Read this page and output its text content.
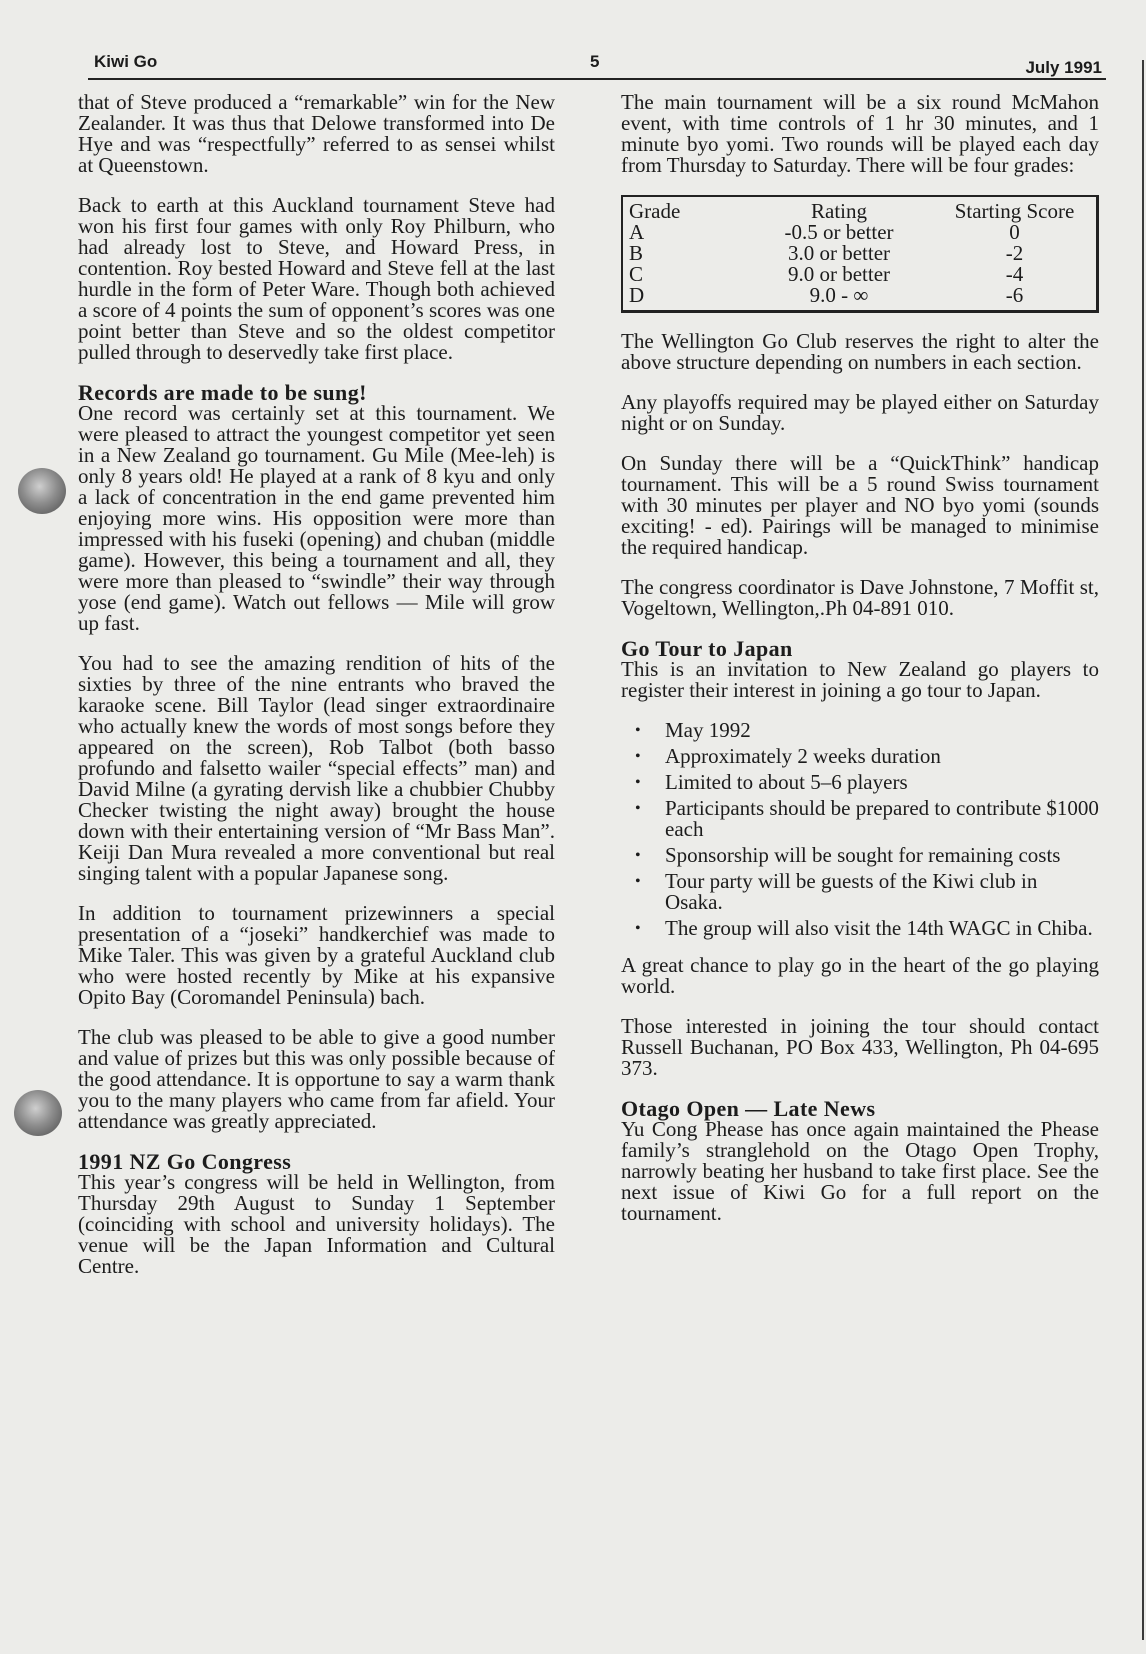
Kiwi Go	5	July 1991

that of Steve produced a “remarkable” win for the New Zealander. It was thus that Delowe transformed into De Hye and was “respectfully” referred to as sensei whilst at Queenstown.

Back to earth at this Auckland tournament Steve had won his first four games with only Roy Philburn, who had already lost to Steve, and Howard Press, in contention. Roy bested Howard and Steve fell at the last hurdle in the form of Peter Ware. Though both achieved a score of 4 points the sum of opponent’s scores was one point better than Steve and so the oldest competitor pulled through to deservedly take first place.

Records are made to be sung!

One record was certainly set at this tournament. We were pleased to attract the youngest competitor yet seen in a New Zealand go tournament. Gu Mile (Mee-leh) is only 8 years old! He played at a rank of 8 kyu and only a lack of concentration in the end game prevented him enjoying more wins. His opposition were more than impressed with his fuseki (opening) and chuban (middle game). However, this being a tournament and all, they were more than pleased to “swindle” their way through yose (end game). Watch out fellows — Mile will grow up fast.

You had to see the amazing rendition of hits of the sixties by three of the nine entrants who braved the karaoke scene. Bill Taylor (lead singer extraordinaire who actually knew the words of most songs before they appeared on the screen), Rob Talbot (both basso profundo and falsetto wailer “special effects” man) and David Milne (a gyrating dervish like a chubbier Chubby Checker twisting the night away) brought the house down with their entertaining version of “Mr Bass Man”. Keiji Dan Mura revealed a more conventional but real singing talent with a popular Japanese song.

In addition to tournament prizewinners a special presentation of a “joseki” handkerchief was made to Mike Taler. This was given by a grateful Auckland club who were hosted recently by Mike at his expansive Opito Bay (Coromandel Peninsula) bach.

The club was pleased to be able to give a good number and value of prizes but this was only possible because of the good attendance. It is opportune to say a warm thank you to the many players who came from far afield. Your attendance was greatly appreciated.

1991 NZ Go Congress

This year’s congress will be held in Wellington, from Thursday 29th August to Sunday 1 September (coinciding with school and university holidays). The venue will be the Japan Information and Cultural Centre.

The main tournament will be a six round McMahon event, with time controls of 1 hr 30 minutes, and 1 minute byo yomi. Two rounds will be played each day from Thursday to Saturday. There will be four grades:

Grade	Rating	Starting Score
A	-0.5 or better	0
B	3.0 or better	-2
C	9.0 or better	-4
D	9.0 - ∞	-6

The Wellington Go Club reserves the right to alter the above structure depending on numbers in each section.

Any playoffs required may be played either on Saturday night or on Sunday.

On Sunday there will be a “QuickThink” handicap tournament. This will be a 5 round Swiss tournament with 30 minutes per player and NO byo yomi (sounds exciting! - ed). Pairings will be managed to minimise the required handicap.

The congress coordinator is Dave Johnstone, 7 Moffit st, Vogeltown, Wellington,.Ph 04-891 010.

Go Tour to Japan

This is an invitation to New Zealand go players to register their interest in joining a go tour to Japan.

• May 1992
• Approximately 2 weeks duration
• Limited to about 5–6 players
• Participants should be prepared to contribute $1000 each
• Sponsorship will be sought for remaining costs
• Tour party will be guests of the Kiwi club in Osaka.
• The group will also visit the 14th WAGC in Chiba.

A great chance to play go in the heart of the go playing world.

Those interested in joining the tour should contact Russell Buchanan, PO Box 433, Wellington, Ph 04-695 373.

Otago Open — Late News

Yu Cong Phease has once again maintained the Phease family’s stranglehold on the Otago Open Trophy, narrowly beating her husband to take first place. See the next issue of Kiwi Go for a full report on the tournament.
